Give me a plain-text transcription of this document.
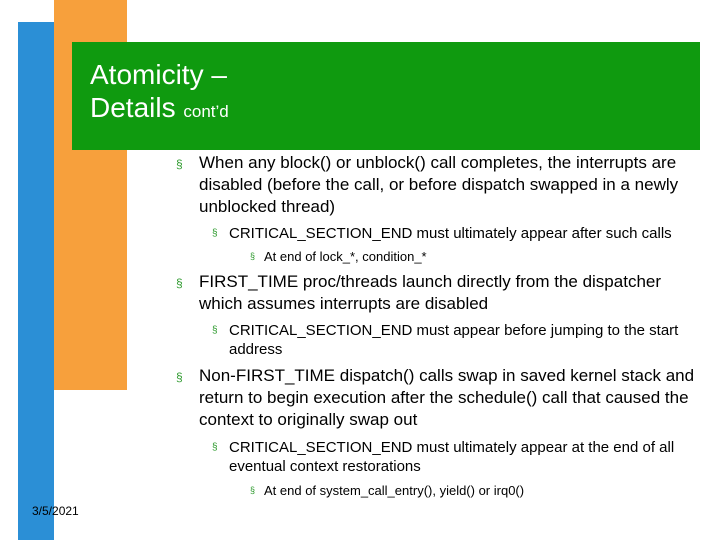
Atomicity –
Details cont’d
§ When any block() or unblock() call completes, the interrupts are disabled (before the call, or before dispatch swapped in a newly unblocked thread)
§ CRITICAL_SECTION_END must ultimately appear after such calls
§ At end of lock_*, condition_*
§ FIRST_TIME proc/threads launch directly from the dispatcher which assumes interrupts are disabled
§ CRITICAL_SECTION_END must appear before jumping to the start address
§ Non-FIRST_TIME dispatch() calls swap in saved kernel stack and return to begin execution after the schedule() call that caused the context to originally swap out
§ CRITICAL_SECTION_END must ultimately appear at the end of all eventual context restorations
§ At end of system_call_entry(), yield() or irq0()
3/5/2021
